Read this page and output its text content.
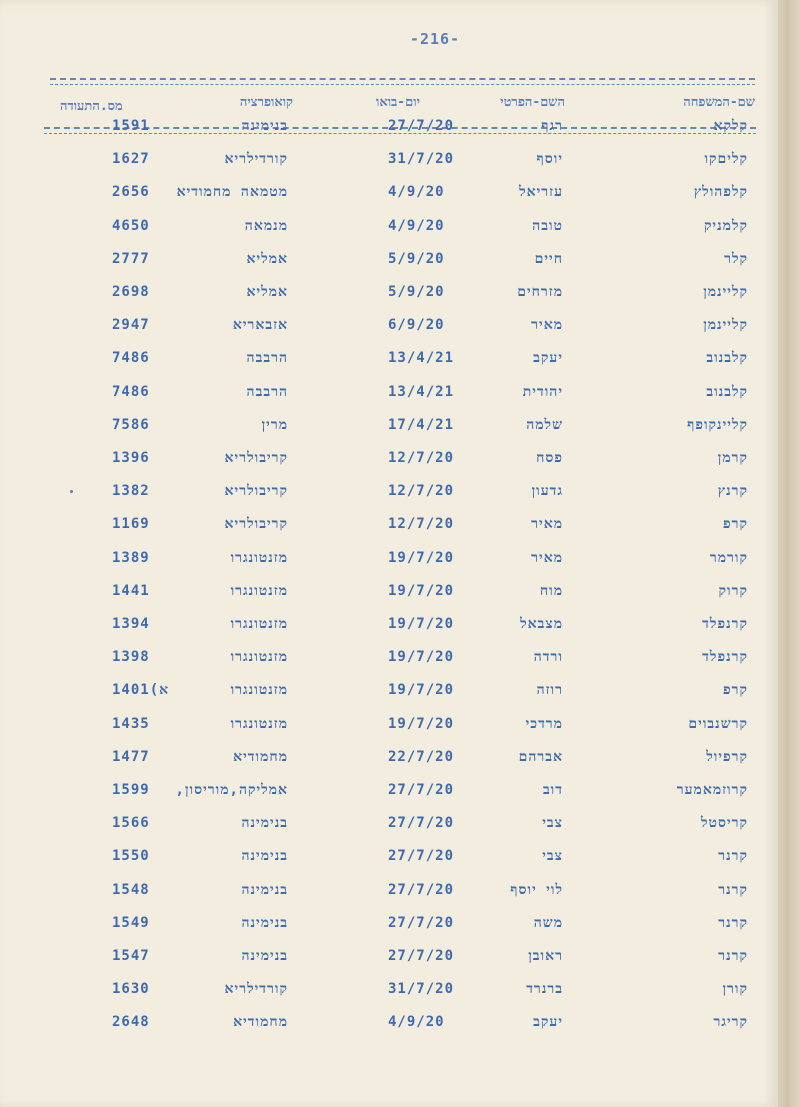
-216-
שם-המשפחה
השם-הפרטי
יום-בואו
קואופרציה
מס.התעודה
קלקא
רגף
27/7/20
בנימינה
1591
קליםקו
יוסף
31/7/20
קורדילריא
1627
קלפהולץ
עזריאל
4/9/20
מטמאה מחמודיא
2656
קלמניק
טובה
4/9/20
מנמאה
4650
קלר
חיים
5/9/20
אמליא
2777
קליינמן
מזרחים
5/9/20
אמליא
2698
קליינמן
מאיר
6/9/20
אזבאריא
2947
קלבנוב
יעקב
13/4/21
הרבבה
7486
קלבנוב
יהודית
13/4/21
הרבבה
7486
קליינקופף
שלמה
17/4/21
מרין
7586
קרמן
פסח
12/7/20
קריבולריא
1396
קרנץ
גדעון
12/7/20
קריבולריא
1382
קרפ
מאיר
12/7/20
קריבולריא
1169
קורמר
מאיר
19/7/20
מזנטונגרו
1389
קרוק
מוח
19/7/20
מזנטונגרו
1441
קרנפלד
מצבאל
19/7/20
מזנטונגרו
1394
קרנפלד
ורדה
19/7/20
מזנטונגרו
1398
קרפ
רוזה
19/7/20
מזנטונגרו
1401(א
קרשנבוים
מרדכי
19/7/20
מזנטונגרו
1435
קרפיול
אברהם
22/7/20
מחמודיא
1477
קרוזמאמער
דוב
27/7/20
אמליקה,מוריסון,
1599
קריסטל
צבי
27/7/20
בנימינה
1566
קרנר
צבי
27/7/20
בנימינה
1550
קרנר
לוי יוסף
27/7/20
בנימינה
1548
קרנר
משה
27/7/20
בנימינה
1549
קרנר
ראובן
27/7/20
בנימינה
1547
קורן
ברנרד
31/7/20
קורדילריא
1630
קריגר
יעקב
4/9/20
מחמודיא
2648
